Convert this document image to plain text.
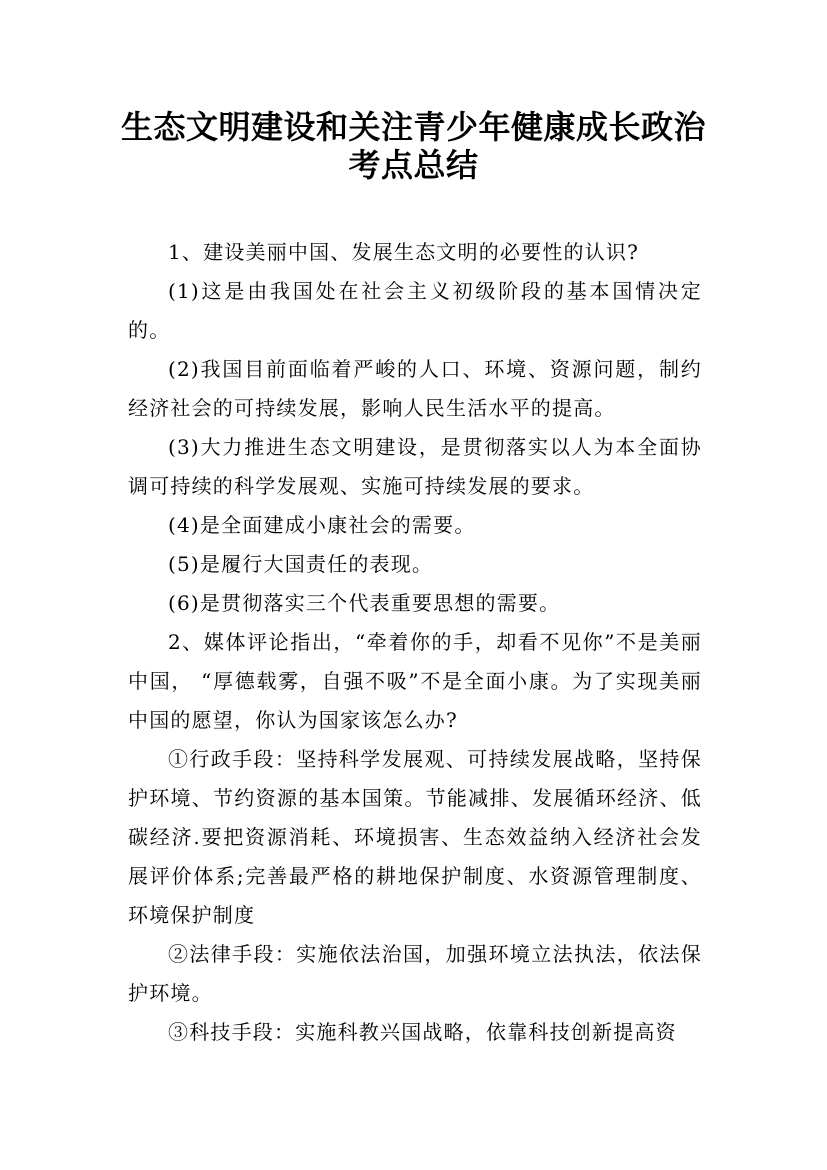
生态文明建设和关注青少年健康成长政治
考点总结

1、建设美丽中国、发展生态文明的必要性的认识?

(1)这是由我国处在社会主义初级阶段的基本国情决定的。

(2)我国目前面临着严峻的人口、环境、资源问题，制约经济社会的可持续发展，影响人民生活水平的提高。

(3)大力推进生态文明建设，是贯彻落实以人为本全面协调可持续的科学发展观、实施可持续发展的要求。

(4)是全面建成小康社会的需要。

(5)是履行大国责任的表现。

(6)是贯彻落实三个代表重要思想的需要。

2、媒体评论指出，“牵着你的手，却看不见你”不是美丽中国， “厚德载雾，自强不吸”不是全面小康。为了实现美丽中国的愿望，你认为国家该怎么办?

①行政手段：坚持科学发展观、可持续发展战略，坚持保护环境、节约资源的基本国策。节能减排、发展循环经济、低碳经济.要把资源消耗、环境损害、生态效益纳入经济社会发展评价体系;完善最严格的耕地保护制度、水资源管理制度、环境保护制度

②法律手段：实施依法治国，加强环境立法执法，依法保护环境。

③科技手段：实施科教兴国战略，依靠科技创新提高资
